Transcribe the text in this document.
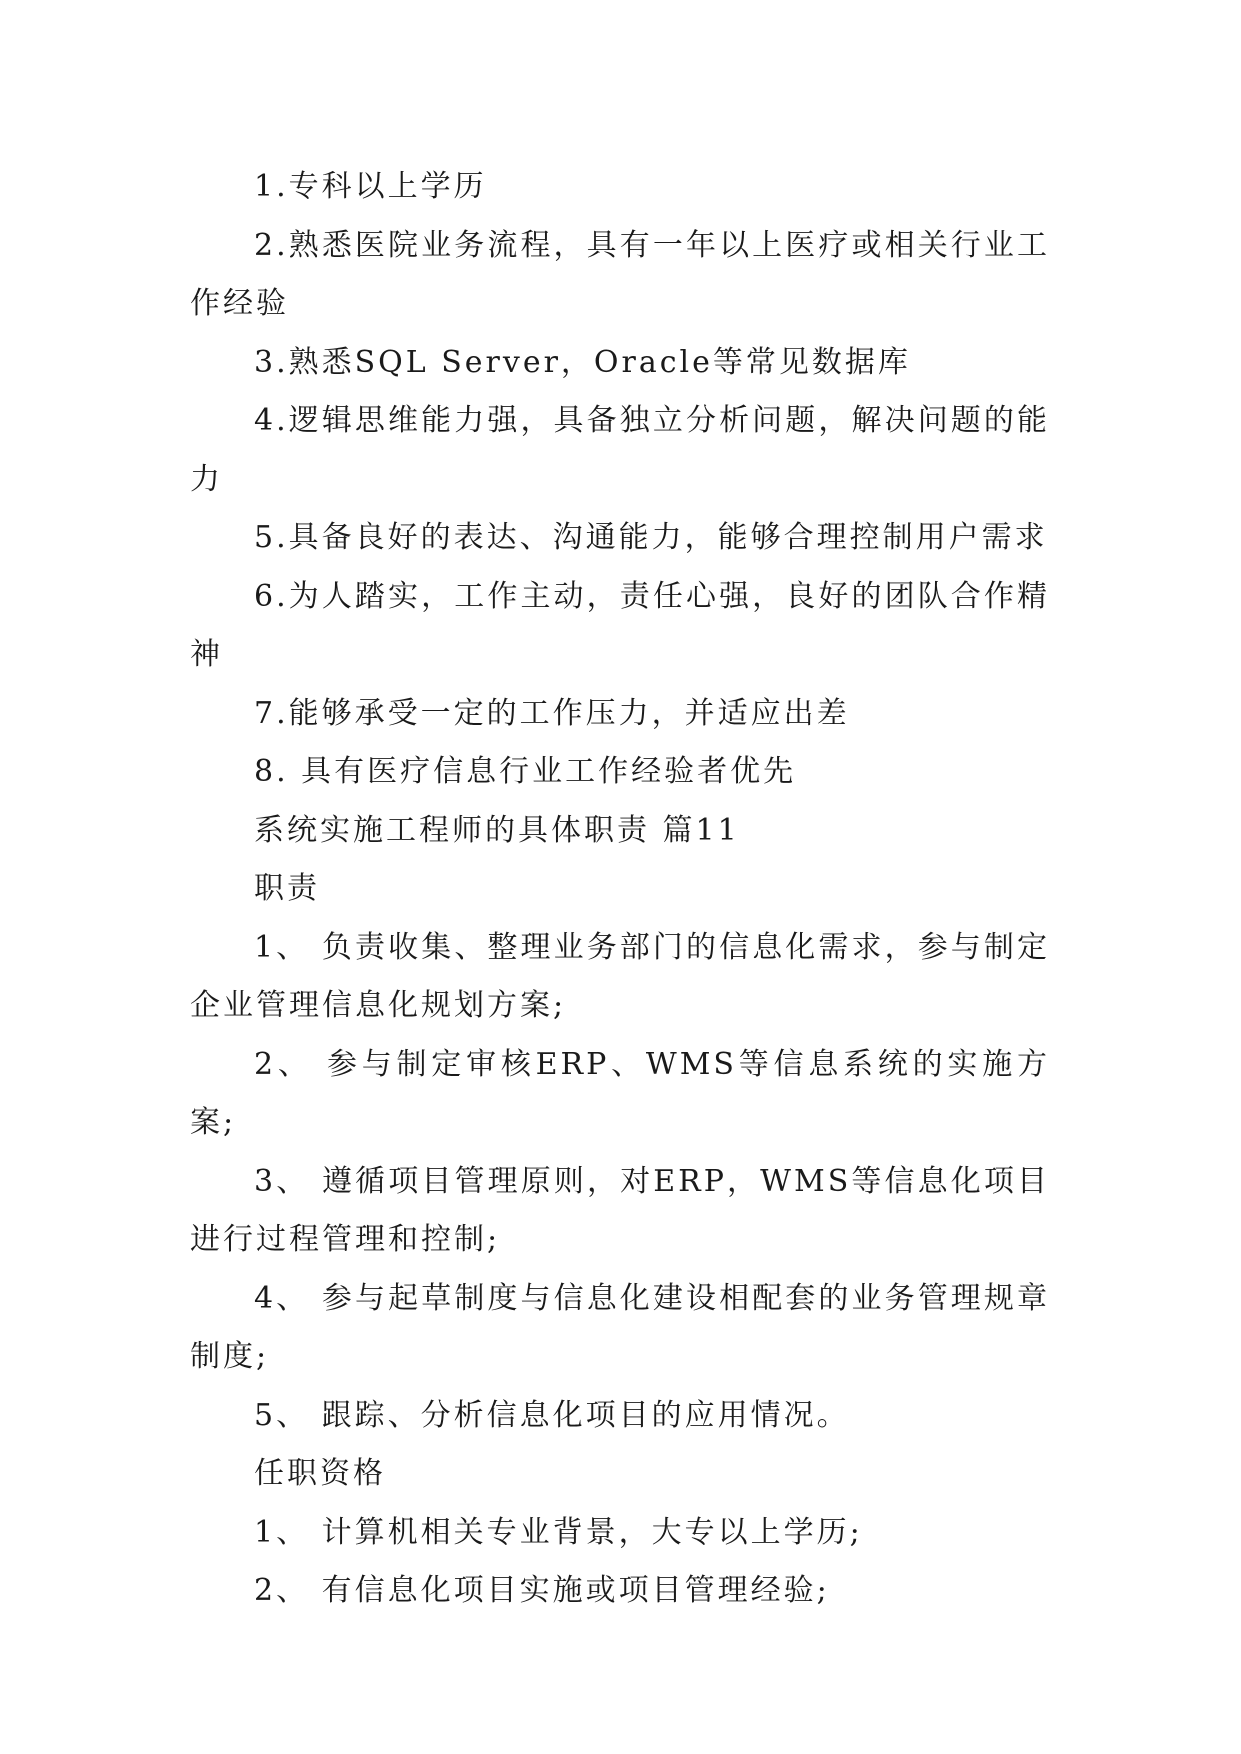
1.专科以上学历

2.熟悉医院业务流程，具有一年以上医疗或相关行业工作经验

3.熟悉SQL Server，Oracle等常见数据库

4.逻辑思维能力强，具备独立分析问题，解决问题的能力

5.具备良好的表达、沟通能力，能够合理控制用户需求

6.为人踏实，工作主动，责任心强，良好的团队合作精神

7.能够承受一定的工作压力，并适应出差

8. 具有医疗信息行业工作经验者优先

系统实施工程师的具体职责 篇11

职责

1、 负责收集、整理业务部门的信息化需求，参与制定企业管理信息化规划方案;

2、 参与制定审核ERP、WMS等信息系统的实施方案;

3、 遵循项目管理原则，对ERP，WMS等信息化项目进行过程管理和控制;

4、 参与起草制度与信息化建设相配套的业务管理规章制度;

5、 跟踪、分析信息化项目的应用情况。

任职资格

1、 计算机相关专业背景，大专以上学历;

2、 有信息化项目实施或项目管理经验;
